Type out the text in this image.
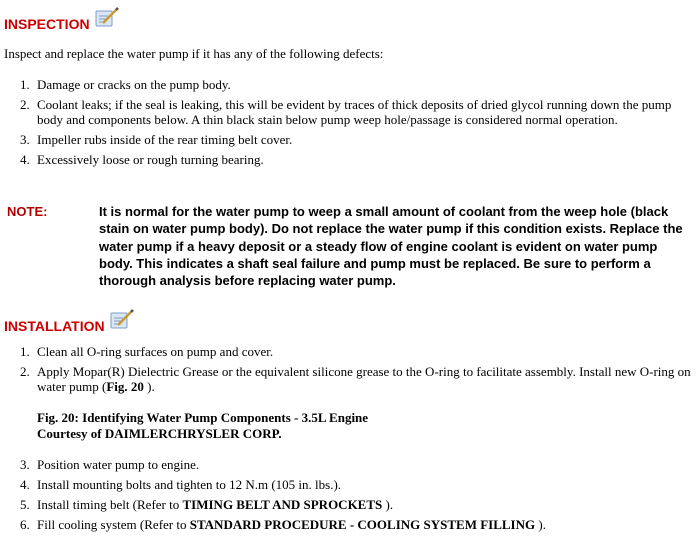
INSPECTION
Inspect and replace the water pump if it has any of the following defects:
1. Damage or cracks on the pump body.
2. Coolant leaks; if the seal is leaking, this will be evident by traces of thick deposits of dried glycol running down the pump body and components below. A thin black stain below pump weep hole/passage is considered normal operation.
3. Impeller rubs inside of the rear timing belt cover.
4. Excessively loose or rough turning bearing.
NOTE:	It is normal for the water pump to weep a small amount of coolant from the weep hole (black stain on water pump body). Do not replace the water pump if this condition exists. Replace the water pump if a heavy deposit or a steady flow of engine coolant is evident on water pump body. This indicates a shaft seal failure and pump must be replaced. Be sure to perform a thorough analysis before replacing water pump.
INSTALLATION
1. Clean all O-ring surfaces on pump and cover.
2. Apply Mopar(R) Dielectric Grease or the equivalent silicone grease to the O-ring to facilitate assembly. Install new O-ring on water pump (Fig. 20 ).
Fig. 20: Identifying Water Pump Components - 3.5L Engine
Courtesy of DAIMLERCHRYSLER CORP.
3. Position water pump to engine.
4. Install mounting bolts and tighten to 12 N.m (105 in. lbs.).
5. Install timing belt (Refer to TIMING BELT AND SPROCKETS ).
6. Fill cooling system (Refer to STANDARD PROCEDURE - COOLING SYSTEM FILLING ).
